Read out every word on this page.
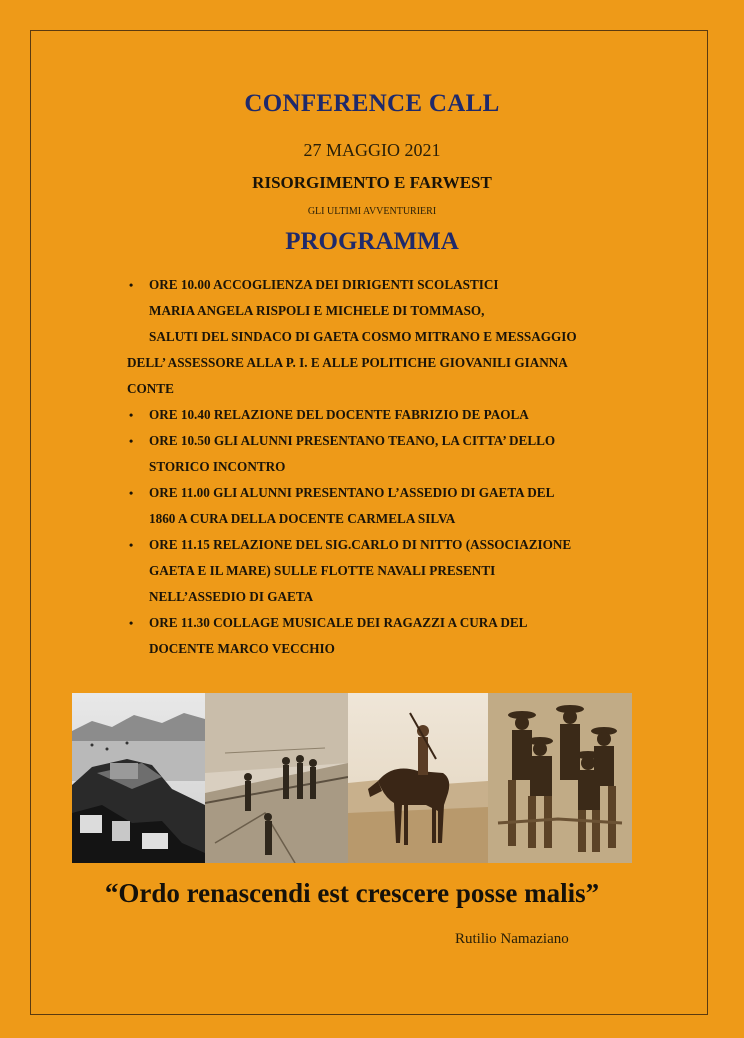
CONFERENCE CALL
27 MAGGIO 2021
RISORGIMENTO E FARWEST
GLI ULTIMI AVVENTURIERI
PROGRAMMA
• ORE 10.00 ACCOGLIENZA DEI DIRIGENTI SCOLASTICI
MARIA ANGELA RISPOLI E MICHELE DI TOMMASO,
SALUTI DEL SINDACO DI GAETA COSMO MITRANO E MESSAGGIO
DELL’ ASSESSORE ALLA P. I. E ALLE POLITICHE GIOVANILI GIANNA
CONTE
• ORE 10.40 RELAZIONE DEL DOCENTE FABRIZIO DE PAOLA
• ORE 10.50 GLI ALUNNI PRESENTANO TEANO, LA CITTA’ DELLO
STORICO INCONTRO
• ORE 11.00 GLI ALUNNI PRESENTANO L’ASSEDIO DI GAETA DEL
1860 A CURA DELLA DOCENTE CARMELA SILVA
• ORE 11.15 RELAZIONE DEL SIG.CARLO DI NITTO (ASSOCIAZIONE
GAETA E IL MARE) SULLE FLOTTE NAVALI PRESENTI
NELL’ASSEDIO DI GAETA
• ORE 11.30 COLLAGE MUSICALE DEI RAGAZZI A CURA DEL
DOCENTE MARCO VECCHIO
“Ordo renascendi est crescere posse malis”
Rutilio Namaziano
